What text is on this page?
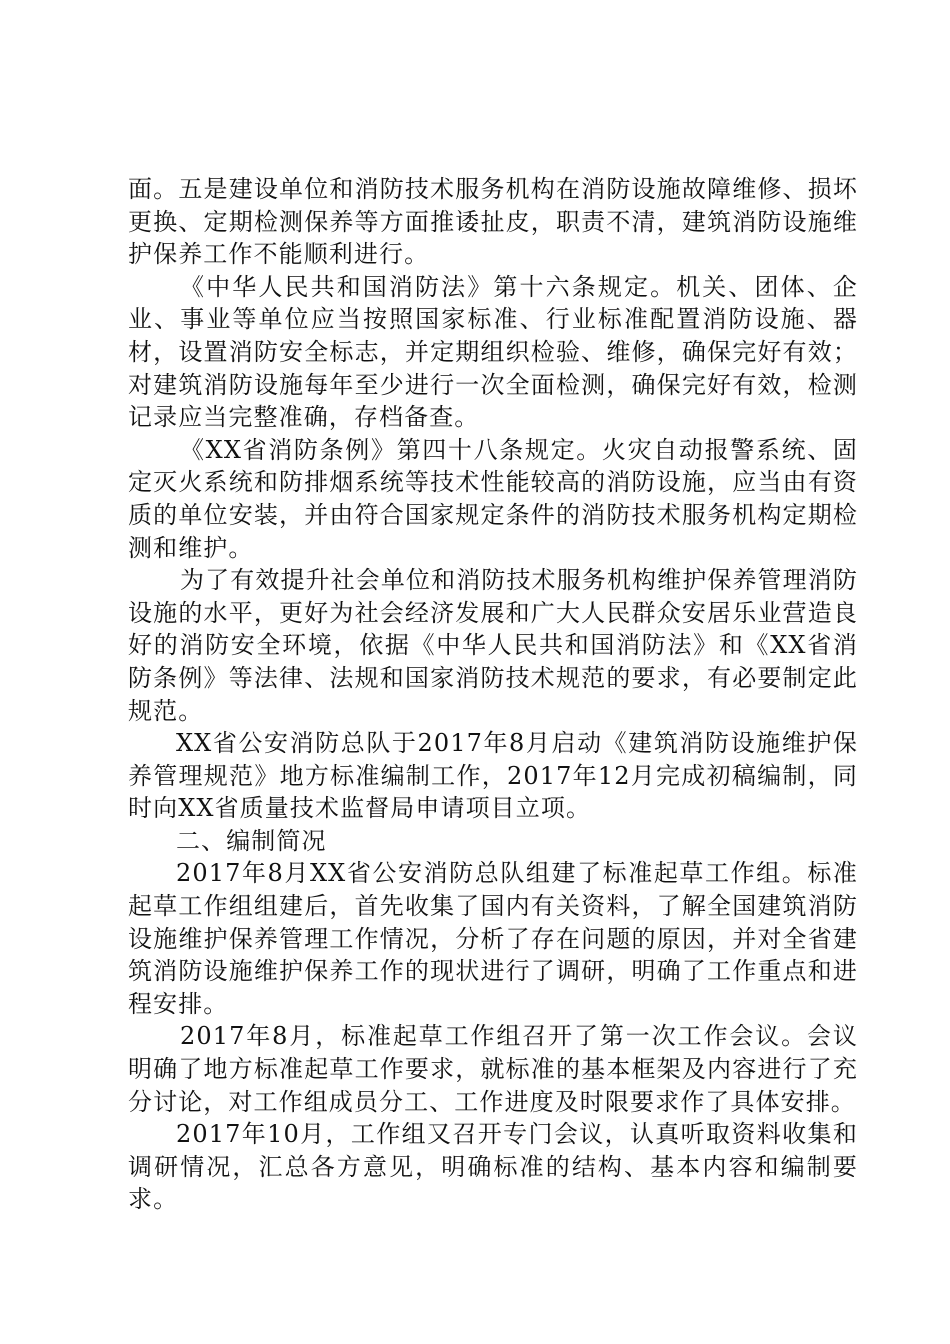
面。五是建设单位和消防技术服务机构在消防设施故障维修、损坏更换、定期检测保养等方面推诿扯皮，职责不清，建筑消防设施维护保养工作不能顺利进行。

《中华人民共和国消防法》第十六条规定。机关、团体、企业、事业等单位应当按照国家标准、行业标准配置消防设施、器材，设置消防安全标志，并定期组织检验、维修，确保完好有效；对建筑消防设施每年至少进行一次全面检测，确保完好有效，检测记录应当完整准确，存档备查。

《XX省消防条例》第四十八条规定。火灾自动报警系统、固定灭火系统和防排烟系统等技术性能较高的消防设施，应当由有资质的单位安装，并由符合国家规定条件的消防技术服务机构定期检测和维护。

为了有效提升社会单位和消防技术服务机构维护保养管理消防设施的水平，更好为社会经济发展和广大人民群众安居乐业营造良好的消防安全环境，依据《中华人民共和国消防法》和《XX省消防条例》等法律、法规和国家消防技术规范的要求，有必要制定此规范。

XX省公安消防总队于2017年8月启动《建筑消防设施维护保养管理规范》地方标准编制工作，2017年12月完成初稿编制，同时向XX省质量技术监督局申请项目立项。

二、编制简况

2017年8月XX省公安消防总队组建了标准起草工作组。标准起草工作组组建后，首先收集了国内有关资料，了解全国建筑消防设施维护保养管理工作情况，分析了存在问题的原因，并对全省建筑消防设施维护保养工作的现状进行了调研，明确了工作重点和进程安排。

2017年8月，标准起草工作组召开了第一次工作会议。会议明确了地方标准起草工作要求，就标准的基本框架及内容进行了充分讨论，对工作组成员分工、工作进度及时限要求作了具体安排。

2017年10月，工作组又召开专门会议，认真听取资料收集和调研情况，汇总各方意见，明确标准的结构、基本内容和编制要求。
